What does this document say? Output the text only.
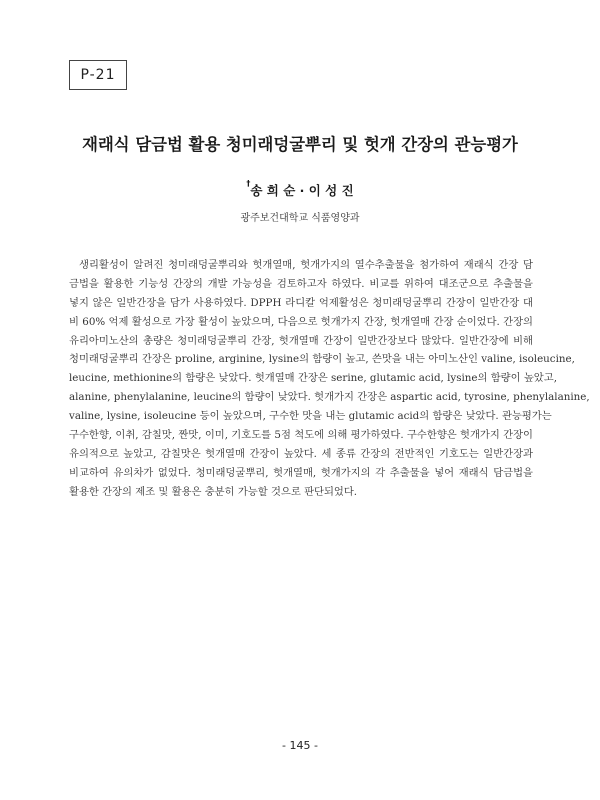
P-21
재래식 담금법 활용 청미래덩굴뿌리 및 헛개 간장의 관능평가
†송 희 순 · 이 성 진
광주보건대학교 식품영양과
생리활성이 알려진 청미래덩굴뿌리와 헛개열매, 헛개가지의 열수추출물을 첨가하여 재래식 간장 담
금법을 활용한 기능성 간장의 개발 가능성을 검토하고자 하였다. 비교를 위하여 대조군으로 추출물을
넣지 않은 일반간장을 담가 사용하였다. DPPH 라디칼 억제활성은 청미래덩굴뿌리 간장이 일반간장 대
비 60% 억제 활성으로 가장 활성이 높았으며, 다음으로 헛개가지 간장, 헛개열매 간장 순이었다. 간장의
유리아미노산의 총량은 청미래덩굴뿌리 간장, 헛개열매 간장이 일반간장보다 많았다. 일반간장에 비해
청미래덩굴뿌리 간장은 proline, arginine, lysine의 함량이 높고, 쓴맛을 내는 아미노산인 valine, isoleucine,
leucine, methionine의 함량은 낮았다. 헛개열매 간장은 serine, glutamic acid, lysine의 함량이 높았고,
alanine, phenylalanine, leucine의 함량이 낮았다. 헛개가지 간장은 aspartic acid, tyrosine, phenylalanine,
valine, lysine, isoleucine 등이 높았으며, 구수한 맛을 내는 glutamic acid의 함량은 낮았다. 관능평가는
구수한향, 이취, 감칠맛, 짠맛, 이미, 기호도를 5점 척도에 의해 평가하였다. 구수한향은 헛개가지 간장이
유의적으로 높았고, 감칠맛은 헛개열매 간장이 높았다. 세 종류 간장의 전반적인 기호도는 일반간장과
비교하여 유의차가 없었다. 청미래덩굴뿌리, 헛개열매, 헛개가지의 각 추출물을 넣어 재래식 담금법을
활용한 간장의 제조 및 활용은 충분히 가능할 것으로 판단되었다.
- 145 -
